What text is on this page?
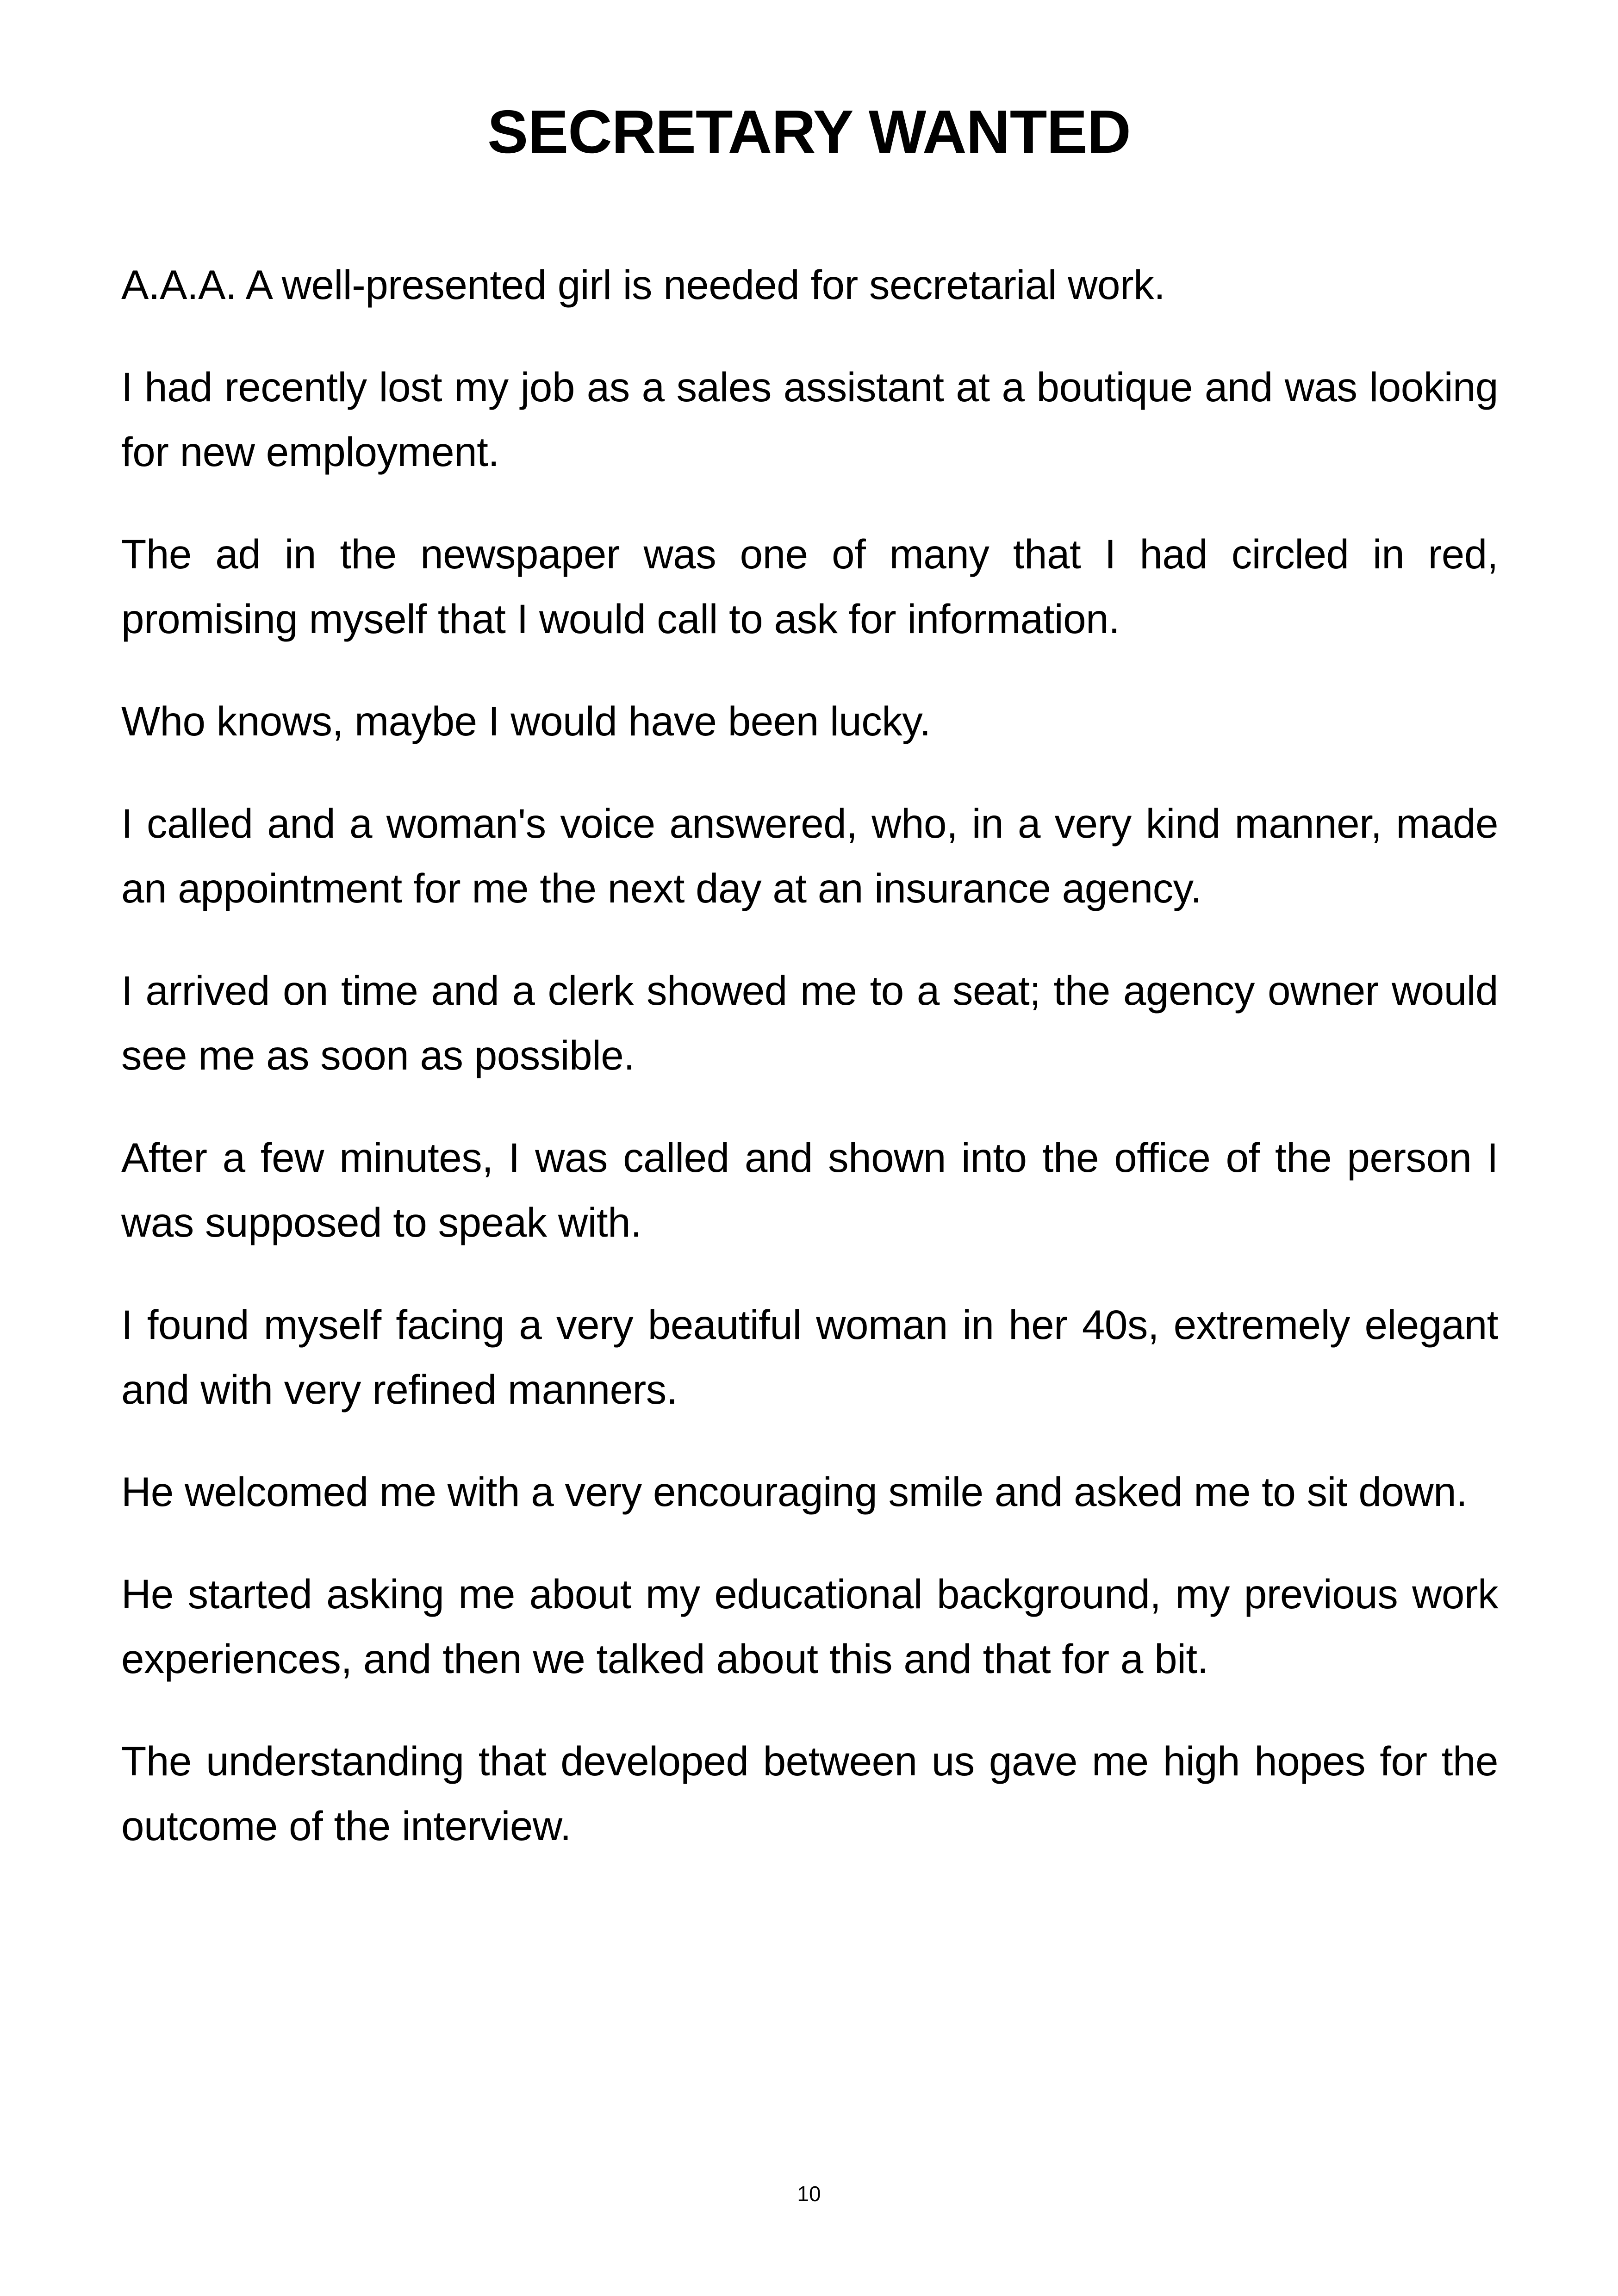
SECRETARY WANTED

A.A.A. A well-presented girl is needed for secretarial work.

I had recently lost my job as a sales assistant at a boutique and was looking for new employment.

The ad in the newspaper was one of many that I had circled in red, promising myself that I would call to ask for information.

Who knows, maybe I would have been lucky.

I called and a woman's voice answered, who, in a very kind manner, made an appointment for me the next day at an insurance agency.

I arrived on time and a clerk showed me to a seat; the agency owner would see me as soon as possible.

After a few minutes, I was called and shown into the office of the person I was supposed to speak with.

I found myself facing a very beautiful woman in her 40s, extremely elegant and with very refined manners.

He welcomed me with a very encouraging smile and asked me to sit down.

He started asking me about my educational background, my previous work experiences, and then we talked about this and that for a bit.

The understanding that developed between us gave me high hopes for the outcome of the interview.

10
